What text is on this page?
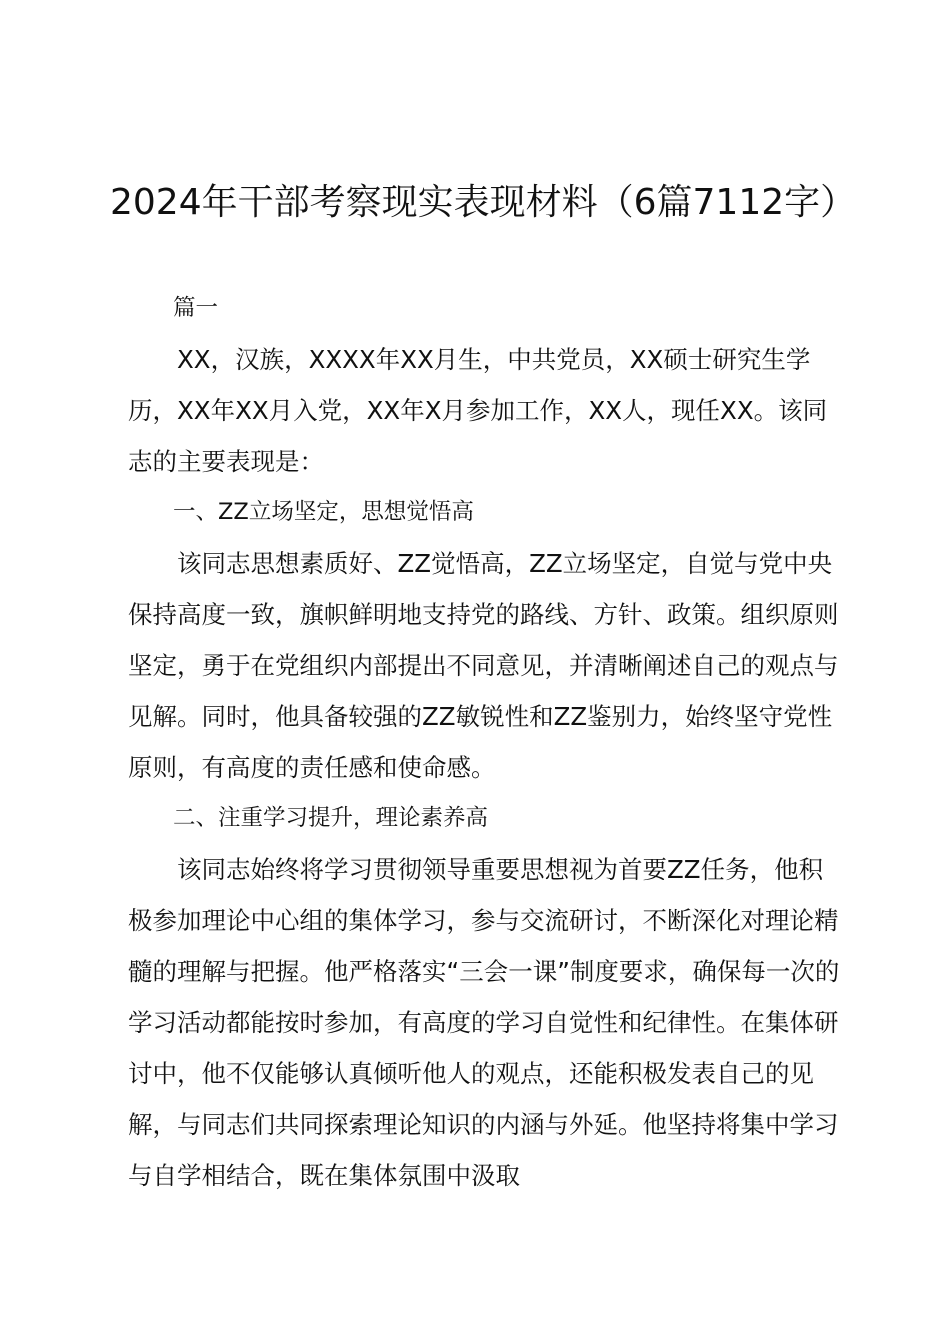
2024年干部考察现实表现材料（6篇7112字）

篇一

XX，汉族，XXXX年XX月生，中共党员，XX硕士研究生学历，XX年XX月入党，XX年X月参加工作，XX人，现任XX。该同志的主要表现是：

一、ZZ立场坚定，思想觉悟高

该同志思想素质好、ZZ觉悟高，ZZ立场坚定，自觉与党中央保持高度一致，旗帜鲜明地支持党的路线、方针、政策。组织原则坚定，勇于在党组织内部提出不同意见，并清晰阐述自己的观点与见解。同时，他具备较强的ZZ敏锐性和ZZ鉴别力，始终坚守党性原则，有高度的责任感和使命感。

二、注重学习提升，理论素养高

该同志始终将学习贯彻领导重要思想视为首要ZZ任务，他积极参加理论中心组的集体学习，参与交流研讨，不断深化对理论精髓的理解与把握。他严格落实“三会一课”制度要求，确保每一次的学习活动都能按时参加，有高度的学习自觉性和纪律性。在集体研讨中，他不仅能够认真倾听他人的观点，还能积极发表自己的见解，与同志们共同探索理论知识的内涵与外延。他坚持将集中学习与自学相结合，既在集体氛围中汲取
